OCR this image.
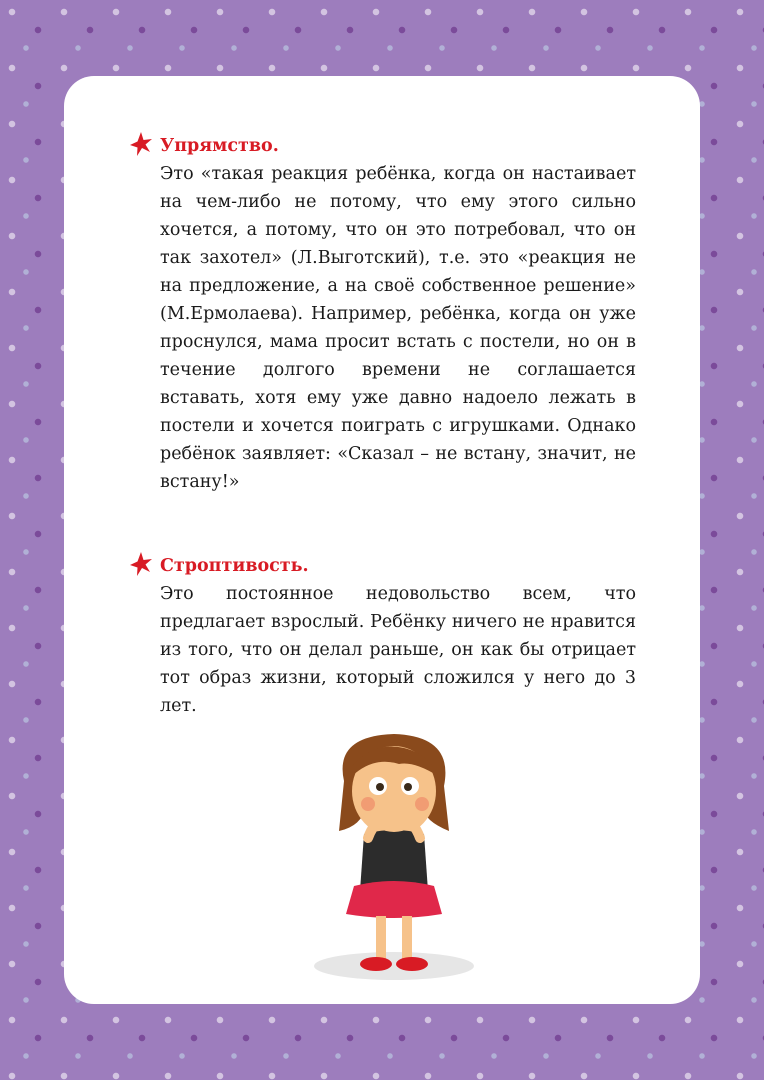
Упрямство.

Это «такая реакция ребёнка, когда он настаивает на чем-либо не потому, что ему этого сильно хочется, а потому, что он это потребовал, что он так захотел» (Л.Выготский), т.е. это «реакция не на предложение, а на своё собственное решение» (М.Ермолаева). Например, ребёнка, когда он уже проснулся, мама просит встать с постели, но он в течение долгого времени не соглашается вставать, хотя ему уже давно надоело лежать в постели и хочется поиграть с игрушками. Однако ребёнок заявляет: «Сказал – не встану, значит, не встану!»

Строптивость.

Это постоянное недовольство всем, что предлагает взрослый. Ребёнку ничего не нравится из того, что он делал раньше, он как бы отрицает тот образ жизни, который сложился у него до 3 лет.
